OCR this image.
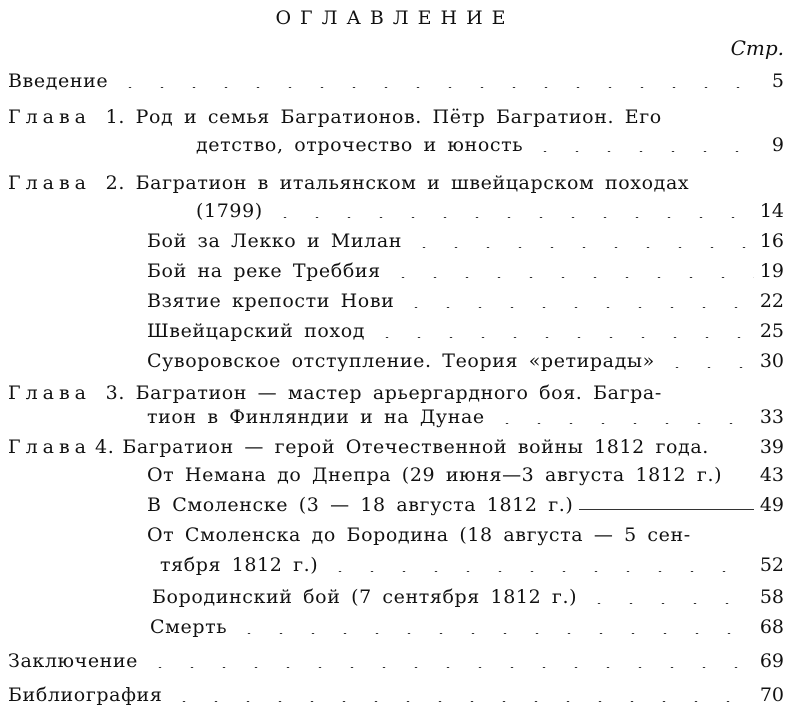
ОГЛАВЛЕНИЕ
Стр.
Введение	5
Глава 1. Род и семья Багратионов. Пётр Багратион. Его
детство, отрочество и юность	9
Глава 2. Багратион в итальянском и швейцарском походах
(1799)	14
Бой за Лекко и Милан	16
Бой на реке Треббия	19
Взятие крепости Нови	22
Швейцарский поход	25
Суворовское отступление. Теория «ретирады»	30
Глава 3. Багратион — мастер арьергардного боя. Багра-
тион в Финляндии и на Дунае	33
Глава 4. Багратион — герой Отечественной войны 1812 года.	39
От Немана до Днепра (29 июня—3 августа 1812 г.) 43
В Смоленске (3 — 18 августа 1812 г.)	49
От Смоленска до Бородина (18 августа — 5 сен-
тября 1812 г.)	52
Бородинский бой (7 сентября 1812 г.)	58
Смерть	68
Заключение	69
Библиография	70
